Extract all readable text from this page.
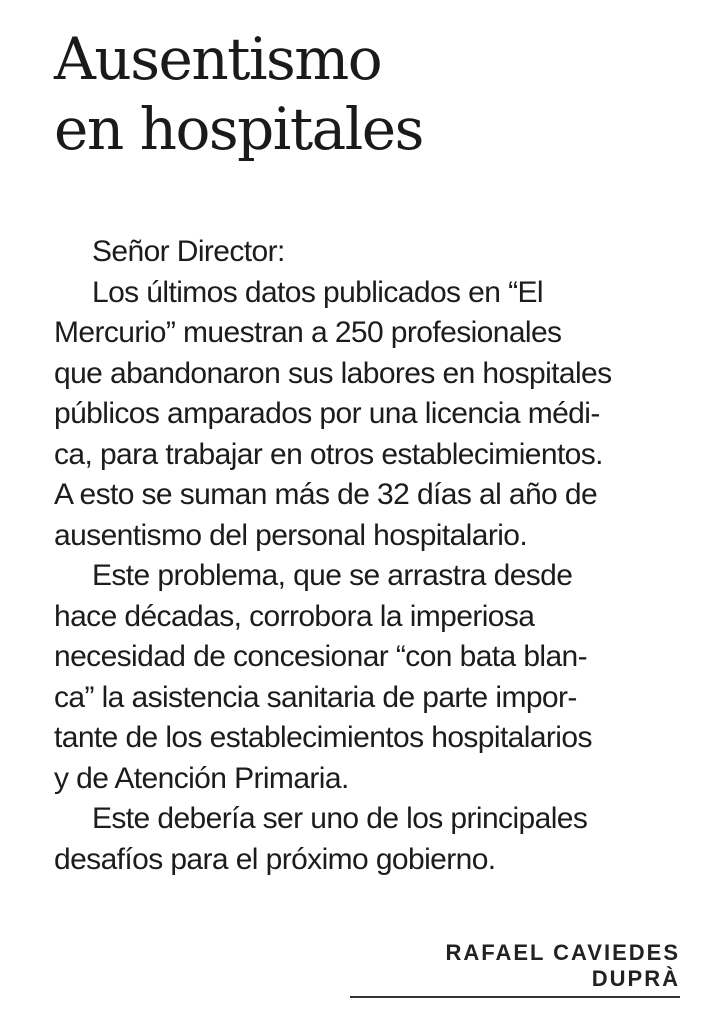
Ausentismo
en hospitales
Señor Director:
Los últimos datos publicados en “El
Mercurio” muestran a 250 profesionales
que abandonaron sus labores en hospitales
públicos amparados por una licencia médi-
ca, para trabajar en otros establecimientos.
A esto se suman más de 32 días al año de
ausentismo del personal hospitalario.
Este problema, que se arrastra desde
hace décadas, corrobora la imperiosa
necesidad de concesionar “con bata blan-
ca” la asistencia sanitaria de parte impor-
tante de los establecimientos hospitalarios
y de Atención Primaria.
Este debería ser uno de los principales
desafíos para el próximo gobierno.
RAFAEL CAVIEDES DUPRÀ
